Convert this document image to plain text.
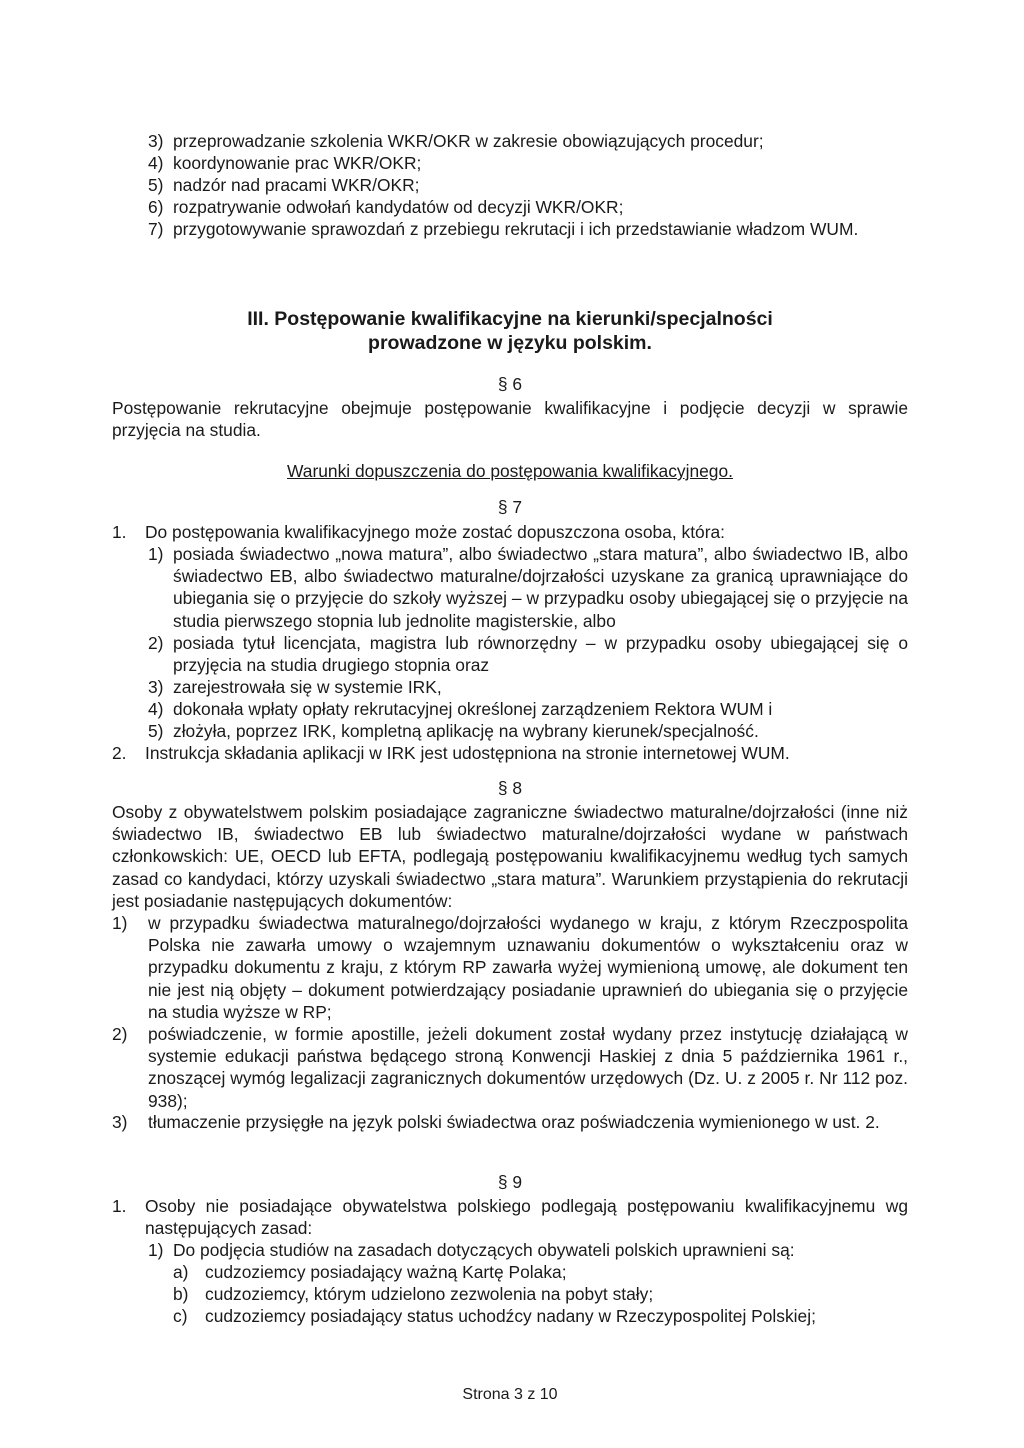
3) przeprowadzanie szkolenia WKR/OKR w zakresie obowiązujących procedur;

4) koordynowanie prac WKR/OKR;

5) nadzór nad pracami WKR/OKR;

6) rozpatrywanie odwołań kandydatów od decyzji WKR/OKR;

7) przygotowywanie sprawozdań z przebiegu rekrutacji i ich przedstawianie władzom WUM.

III. Postępowanie kwalifikacyjne na kierunki/specjalności

prowadzone w języku polskim.

§ 6

Postępowanie rekrutacyjne obejmuje postępowanie kwalifikacyjne i podjęcie decyzji w sprawie przyjęcia na studia.

Warunki dopuszczenia do postępowania kwalifikacyjnego.
§ 7
1. Do postępowania kwalifikacyjnego może zostać dopuszczona osoba, która:

1) posiada świadectwo „nowa matura”, albo świadectwo „stara matura”, albo świadectwo IB, albo świadectwo EB, albo świadectwo maturalne/dojrzałości uzyskane za granicą uprawniające do ubiegania się o przyjęcie do szkoły wyższej – w przypadku osoby ubiegającej się o przyjęcie na studia pierwszego stopnia lub jednolite magisterskie, albo

2) posiada tytuł licencjata, magistra lub równorzędny – w przypadku osoby ubiegającej się o przyjęcia na studia drugiego stopnia oraz

3) zarejestrowała się w systemie IRK,

4) dokonała wpłaty opłaty rekrutacyjnej określonej zarządzeniem Rektora WUM i

5) złożyła, poprzez IRK, kompletną aplikację na wybrany kierunek/specjalność.

2. Instrukcja składania aplikacji w IRK jest udostępniona na stronie internetowej WUM.

§ 8

Osoby z obywatelstwem polskim posiadające zagraniczne świadectwo maturalne/dojrzałości (inne niż świadectwo IB, świadectwo EB lub świadectwo maturalne/dojrzałości wydane w państwach członkowskich: UE, OECD lub EFTA, podlegają postępowaniu kwalifikacyjnemu według tych samych zasad co kandydaci, którzy uzyskali świadectwo „stara matura”. Warunkiem przystąpienia do rekrutacji jest posiadanie następujących dokumentów:

1) w przypadku świadectwa maturalnego/dojrzałości wydanego w kraju, z którym Rzeczpospolita Polska nie zawarła umowy o wzajemnym uznawaniu dokumentów o wykształceniu oraz w przypadku dokumentu z kraju, z którym RP zawarła wyżej wymienioną umowę, ale dokument ten nie jest nią objęty – dokument potwierdzający posiadanie uprawnień do ubiegania się o przyjęcie na studia wyższe w RP;

2) poświadczenie, w formie apostille, jeżeli dokument został wydany przez instytucję działającą w systemie edukacji państwa będącego stroną Konwencji Haskiej z dnia 5 października 1961 r., znoszącej wymóg legalizacji zagranicznych dokumentów urzędowych (Dz. U. z 2005 r. Nr 112 poz. 938);

3) tłumaczenie przysięgłe na język polski świadectwa oraz poświadczenia wymienionego w ust. 2.

§ 9
1. Osoby nie posiadające obywatelstwa polskiego podlegają postępowaniu kwalifikacyjnemu wg następujących zasad:

1) Do podjęcia studiów na zasadach dotyczących obywateli polskich uprawnieni są:

a) cudzoziemcy posiadający ważną Kartę Polaka;

b) cudzoziemcy, którym udzielono zezwolenia na pobyt stały;

c) cudzoziemcy posiadający status uchodźcy nadany w Rzeczypospolitej Polskiej;

Strona 3 z 10
